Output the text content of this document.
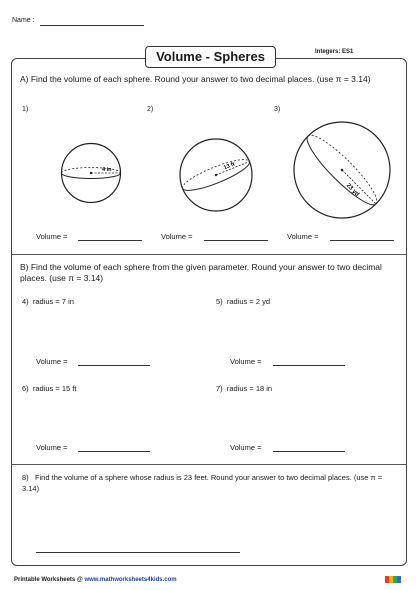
Name :
Volume - Spheres	Integers: ES1
A) Find the volume of each sphere. Round your answer to two decimal places. (use π = 3.14)
1)	2)	3)
4 in	13 ft
23 yd
Volume =	Volume =	Volume =
B) Find the volume of each sphere from the given parameter. Round your answer to two decimal places. (use π = 3.14)
4) radius = 7 in	5) radius = 2 yd
Volume =	Volume =
6) radius = 15 ft	7) radius = 18 in
Volume =	Volume =
8) Find the volume of a sphere whose radius is 23 feet. Round your answer to two decimal places. (use π = 3.14)
Printable Worksheets @ www.mathworksheets4kids.com
